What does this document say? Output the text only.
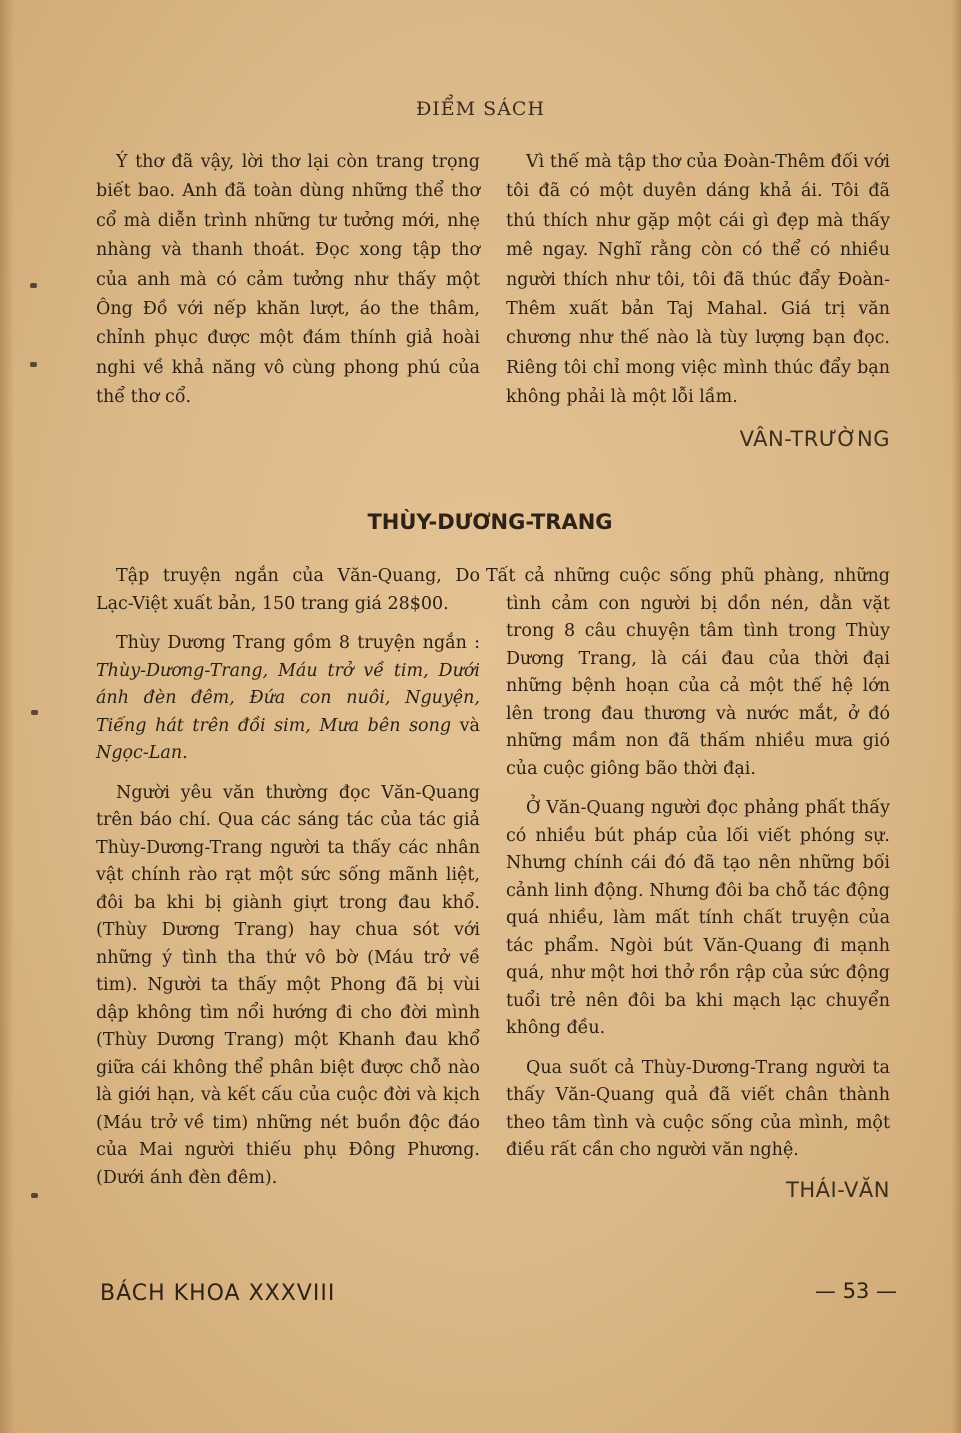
ĐIỂM SÁCH

Ý thơ đã vậy, lời thơ lại còn trang trọng biết bao. Anh đã toàn dùng những thể thơ cổ mà diễn trình những tư tưởng mới, nhẹ nhàng và thanh thoát. Đọc xong tập thơ của anh mà có cảm tưởng như thấy một Ông Đồ với nếp khăn lượt, áo the thâm, chỉnh phục được một đám thính giả hoài nghi về khả năng vô cùng phong phú của thể thơ cổ.

Vì thế mà tập thơ của Đoàn-Thêm đối với tôi đã có một duyên dáng khả ái. Tôi đã thú thích như gặp một cái gì đẹp mà thấy mê ngay. Nghĩ rằng còn có thể có nhiều người thích như tôi, tôi đã thúc đẩy Đoàn-Thêm xuất bản Taj Mahal. Giá trị văn chương như thế nào là tùy lượng bạn đọc. Riêng tôi chỉ mong việc mình thúc đẩy bạn không phải là một lỗi lầm.

VÂN-TRƯỜNG
THÙY-DƯƠNG-TRANG

Tập truyện ngắn của Văn-Quang, Do Lạc-Việt xuất bản, 150 trang giá 28$00.

Thùy Dương Trang gồm 8 truyện ngắn : Thùy-Dương-Trang, Máu trở về tim, Dưới ánh đèn đêm, Đứa con nuôi, Nguyện, Tiếng hát trên đồi sim, Mưa bên song và Ngọc-Lan.

Người yêu văn thường đọc Văn-Quang trên báo chí. Qua các sáng tác của tác giả Thùy-Dương-Trang người ta thấy các nhân vật chính rào rạt một sức sống mãnh liệt, đôi ba khi bị giành giựt trong đau khổ. (Thùy Dương Trang) hay chua sót với những ý tình tha thứ vô bờ (Máu trở về tim). Người ta thấy một Phong đã bị vùi dập không tìm nổi hướng đi cho đời mình (Thùy Dương Trang) một Khanh đau khổ giữa cái không thể phân biệt được chỗ nào là giới hạn, và kết cấu của cuộc đời và kịch (Máu trở về tim) những nét buồn độc đáo của Mai người thiếu phụ Đông Phương. (Dưới ánh đèn đêm).

Tất cả những cuộc sống phũ phàng, những tình cảm con người bị dồn nén, dằn vặt trong 8 câu chuyện tâm tình trong Thùy Dương Trang, là cái đau của thời đại những bệnh hoạn của cả một thế hệ lớn lên trong đau thương và nước mắt, ở đó những mầm non đã thấm nhiều mưa gió của cuộc giông bão thời đại.

Ở Văn-Quang người đọc phảng phất thấy có nhiều bút pháp của lối viết phóng sự. Nhưng chính cái đó đã tạo nên những bối cảnh linh động. Nhưng đôi ba chỗ tác động quá nhiều, làm mất tính chất truyện của tác phẩm. Ngòi bút Văn-Quang đi mạnh quá, như một hơi thở rồn rập của sức động tuổi trẻ nên đôi ba khi mạch lạc chuyển không đều.

Qua suốt cả Thùy-Dương-Trang người ta thấy Văn-Quang quả đã viết chân thành theo tâm tình và cuộc sống của mình, một điều rất cần cho người văn nghệ.

THÁI-VĂN
BÁCH KHOA XXXVIII	— 53 —
